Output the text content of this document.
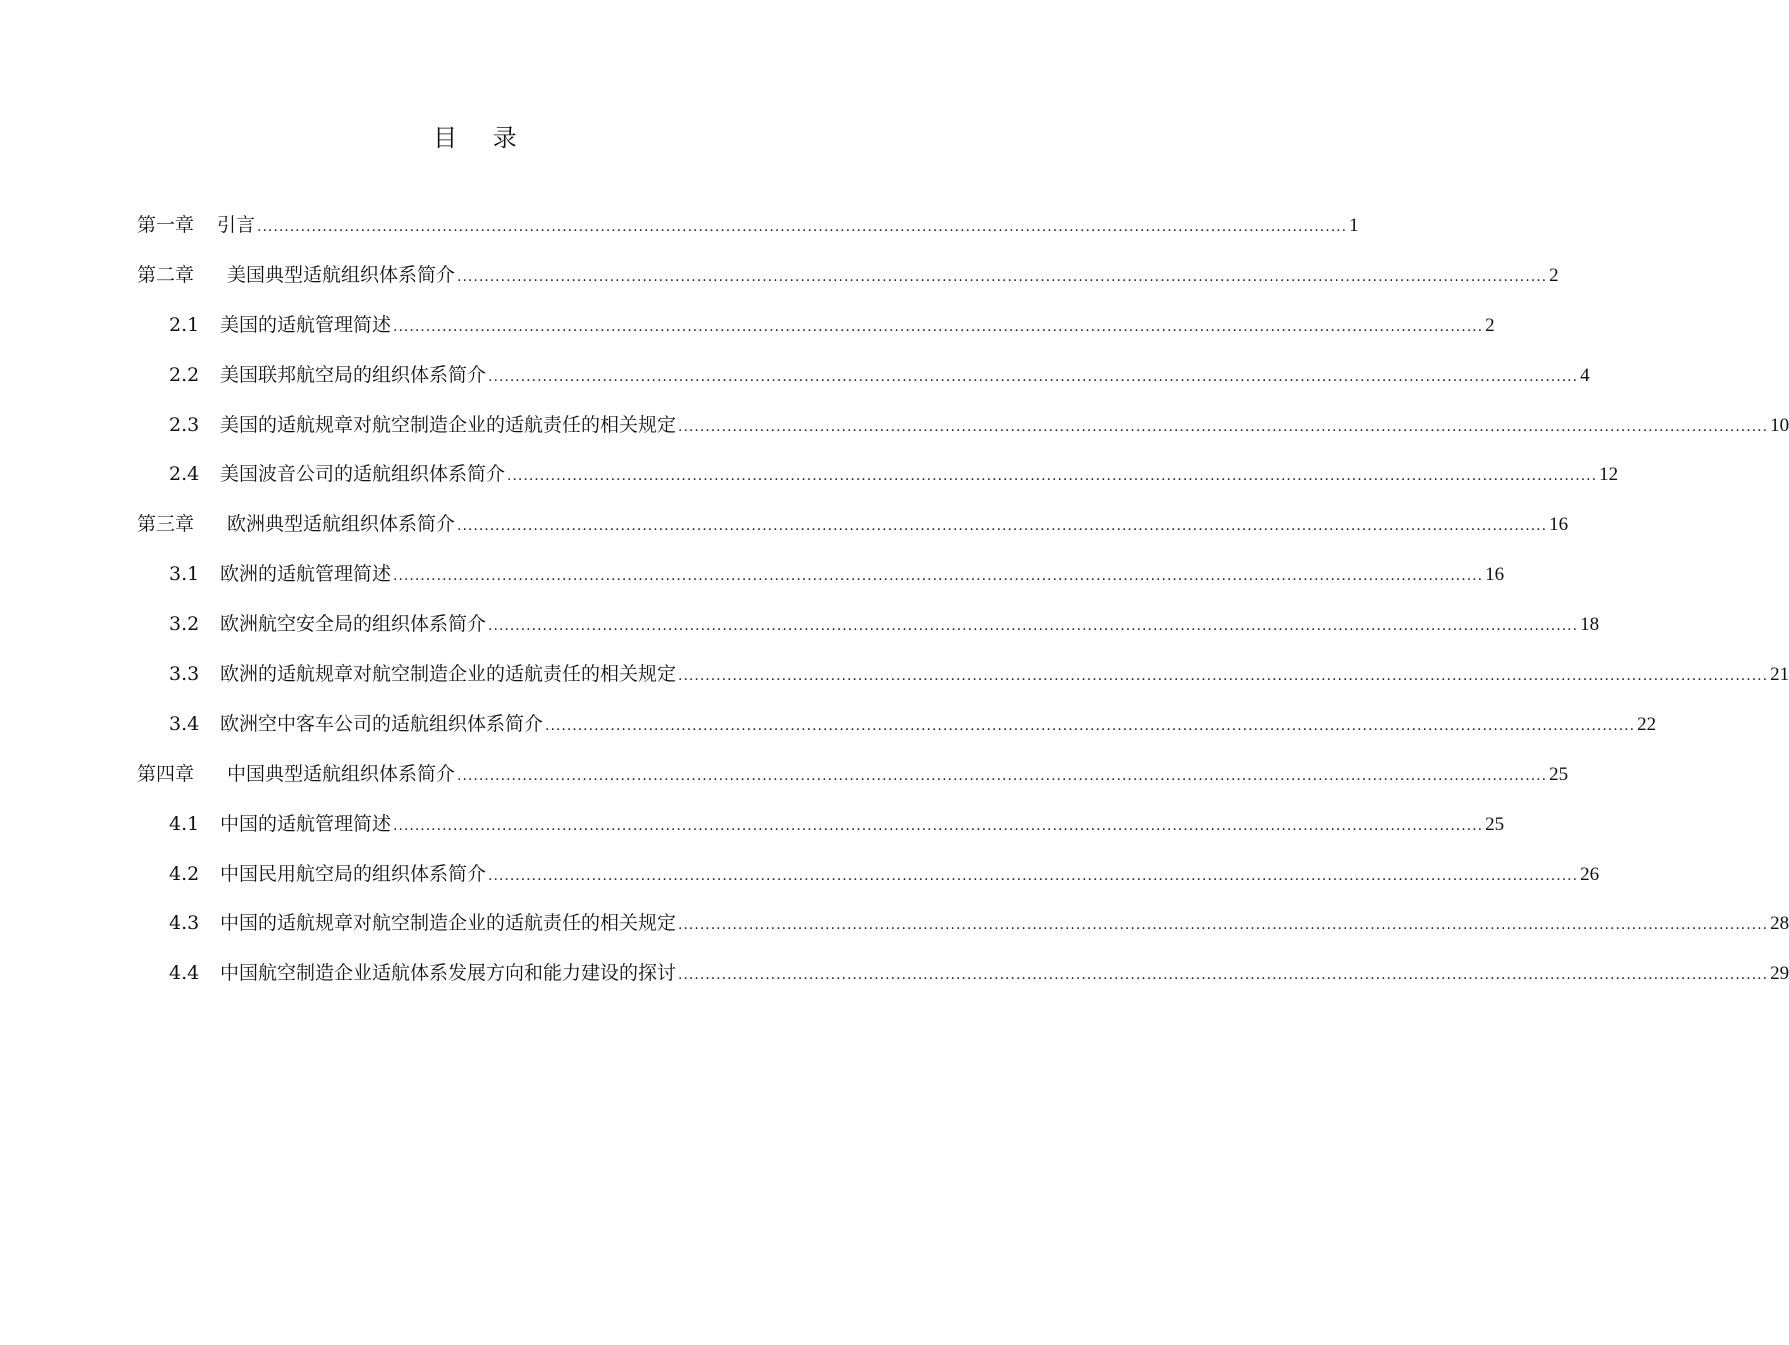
目 录
第一章	引言 ........................................................................................................................................................................................................ 1
第二章	美国典型适航组织体系简介 ........................................................................................................................................................................................................ 2
2.1	美国的适航管理简述 ........................................................................................................................................................................................................ 2
2.2	美国联邦航空局的组织体系简介 ........................................................................................................................................................................................................ 4
2.3	美国的适航规章对航空制造企业的适航责任的相关规定 ........................................................................................................................................................................................................ 10
2.4	美国波音公司的适航组织体系简介 ........................................................................................................................................................................................................ 12
第三章	欧洲典型适航组织体系简介 ........................................................................................................................................................................................................ 16
3.1	欧洲的适航管理简述 ........................................................................................................................................................................................................ 16
3.2	欧洲航空安全局的组织体系简介 ........................................................................................................................................................................................................ 18
3.3	欧洲的适航规章对航空制造企业的适航责任的相关规定 ........................................................................................................................................................................................................ 21
3.4	欧洲空中客车公司的适航组织体系简介 ........................................................................................................................................................................................................ 22
第四章	中国典型适航组织体系简介 ........................................................................................................................................................................................................ 25
4.1	中国的适航管理简述 ........................................................................................................................................................................................................ 25
4.2	中国民用航空局的组织体系简介 ........................................................................................................................................................................................................ 26
4.3	中国的适航规章对航空制造企业的适航责任的相关规定 ........................................................................................................................................................................................................ 28
4.4	中国航空制造企业适航体系发展方向和能力建设的探讨 ........................................................................................................................................................................................................ 29
